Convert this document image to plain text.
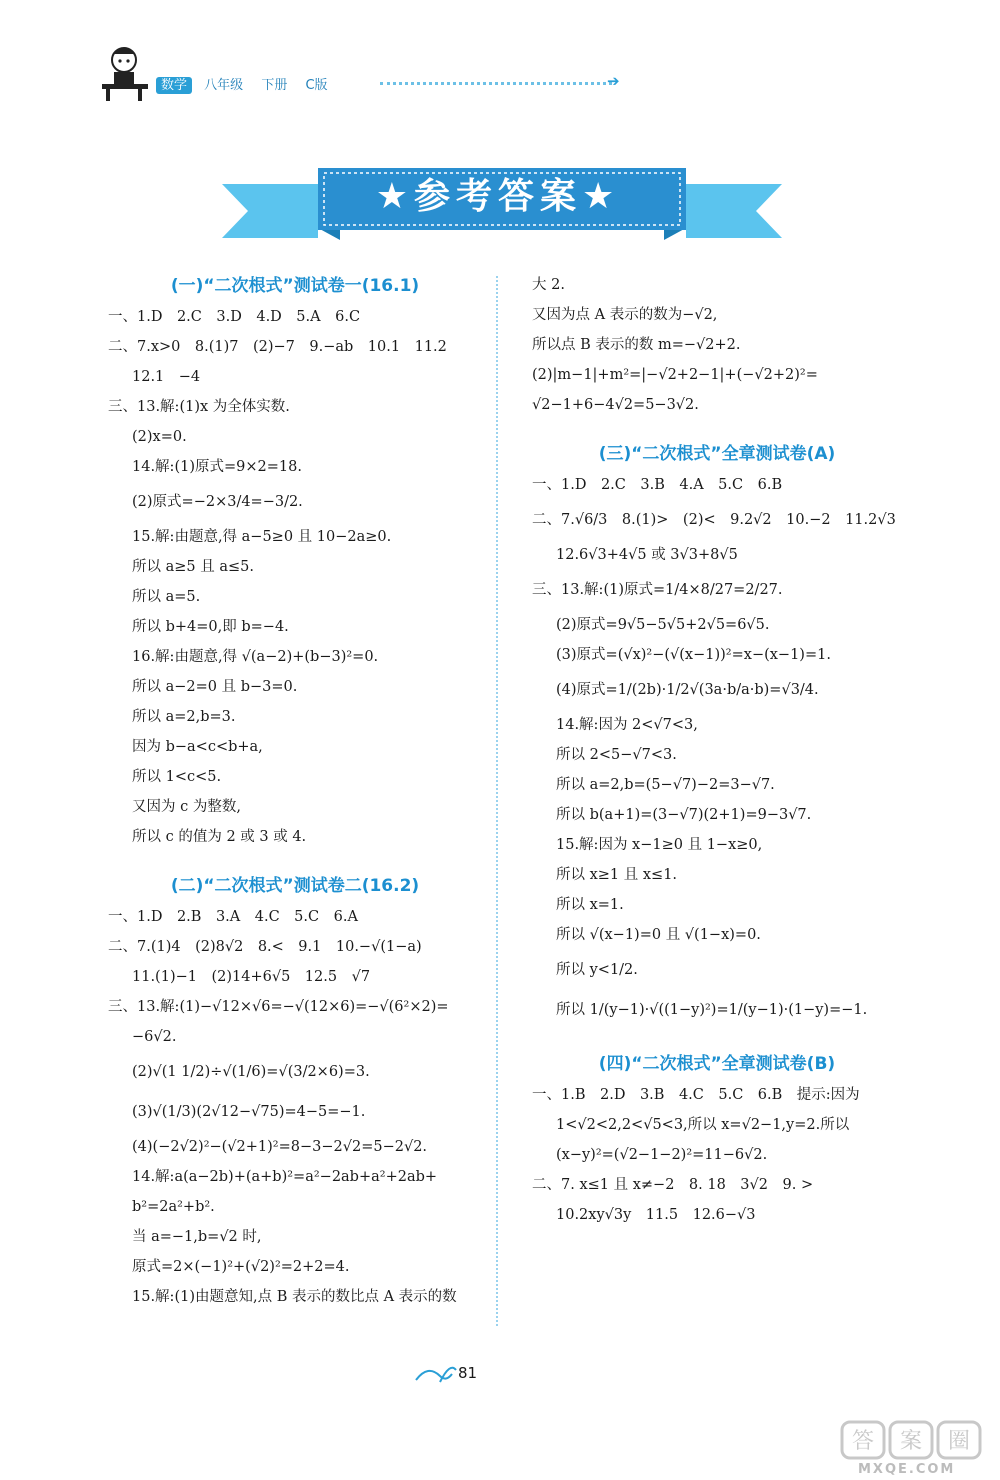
数学 八年级 下册 C版	➔
★参考答案★
(一)“二次根式”测试卷一(16.1)
一、1.D　2.C　3.D　4.D　5.A　6.C
二、7.x>0　8.(1)7　(2)−7　9.−ab　10.1　11.2
12.1　−4
三、13.解:(1)x 为全体实数.
(2)x=0.
14.解:(1)原式=9×2=18.
(2)原式=−2×3/4=−3/2.
15.解:由题意,得 a−5≥0 且 10−2a≥0.
所以 a≥5 且 a≤5.
所以 a=5.
所以 b+4=0,即 b=−4.
16.解:由题意,得 √(a−2)+(b−3)²=0.
所以 a−2=0 且 b−3=0.
所以 a=2,b=3.
因为 b−a<c<b+a,
所以 1<c<5.
又因为 c 为整数,
所以 c 的值为 2 或 3 或 4.
(二)“二次根式”测试卷二(16.2)
一、1.D　2.B　3.A　4.C　5.C　6.A
二、7.(1)4　(2)8√2　8.<　9.1　10.−√(1−a)
11.(1)−1　(2)14+6√5　12.5　√7
三、13.解:(1)−√12×√6=−√(12×6)=−√(6²×2)=
−6√2.
(2)√(1 1/2)÷√(1/6)=√(3/2×6)=3.
(3)√(1/3)(2√12−√75)=4−5=−1.
(4)(−2√2)²−(√2+1)²=8−3−2√2=5−2√2.
14.解:a(a−2b)+(a+b)²=a²−2ab+a²+2ab+
b²=2a²+b².
当 a=−1,b=√2 时,
原式=2×(−1)²+(√2)²=2+2=4.
15.解:(1)由题意知,点 B 表示的数比点 A 表示的数
大 2.
又因为点 A 表示的数为−√2,
所以点 B 表示的数 m=−√2+2.
(2)|m−1|+m²=|−√2+2−1|+(−√2+2)²=
√2−1+6−4√2=5−3√2.
(三)“二次根式”全章测试卷(A)
一、1.D　2.C　3.B　4.A　5.C　6.B
二、7.√6/3　8.(1)>　(2)<　9.2√2　10.−2　11.2√3
12.6√3+4√5 或 3√3+8√5
三、13.解:(1)原式=1/4×8/27=2/27.
(2)原式=9√5−5√5+2√5=6√5.
(3)原式=(√x)²−(√(x−1))²=x−(x−1)=1.
(4)原式=1/(2b)·1/2√(3a·b/a·b)=√3/4.
14.解:因为 2<√7<3,
所以 2<5−√7<3.
所以 a=2,b=(5−√7)−2=3−√7.
所以 b(a+1)=(3−√7)(2+1)=9−3√7.
15.解:因为 x−1≥0 且 1−x≥0,
所以 x≥1 且 x≤1.
所以 x=1.
所以 √(x−1)=0 且 √(1−x)=0.
所以 y<1/2.
所以 1/(y−1)·√((1−y)²)=1/(y−1)·(1−y)=−1.
(四)“二次根式”全章测试卷(B)
一、1.B　2.D　3.B　4.C　5.C　6.B　提示:因为
1<√2<2,2<√5<3,所以 x=√2−1,y=2.所以
(x−y)²=(√2−1−2)²=11−6√2.
二、7. x≤1 且 x≠−2　8. 18　3√2　9. >
10.2xy√3y　11.5　12.6−√3
81
答 案 圈
MXQE.COM
